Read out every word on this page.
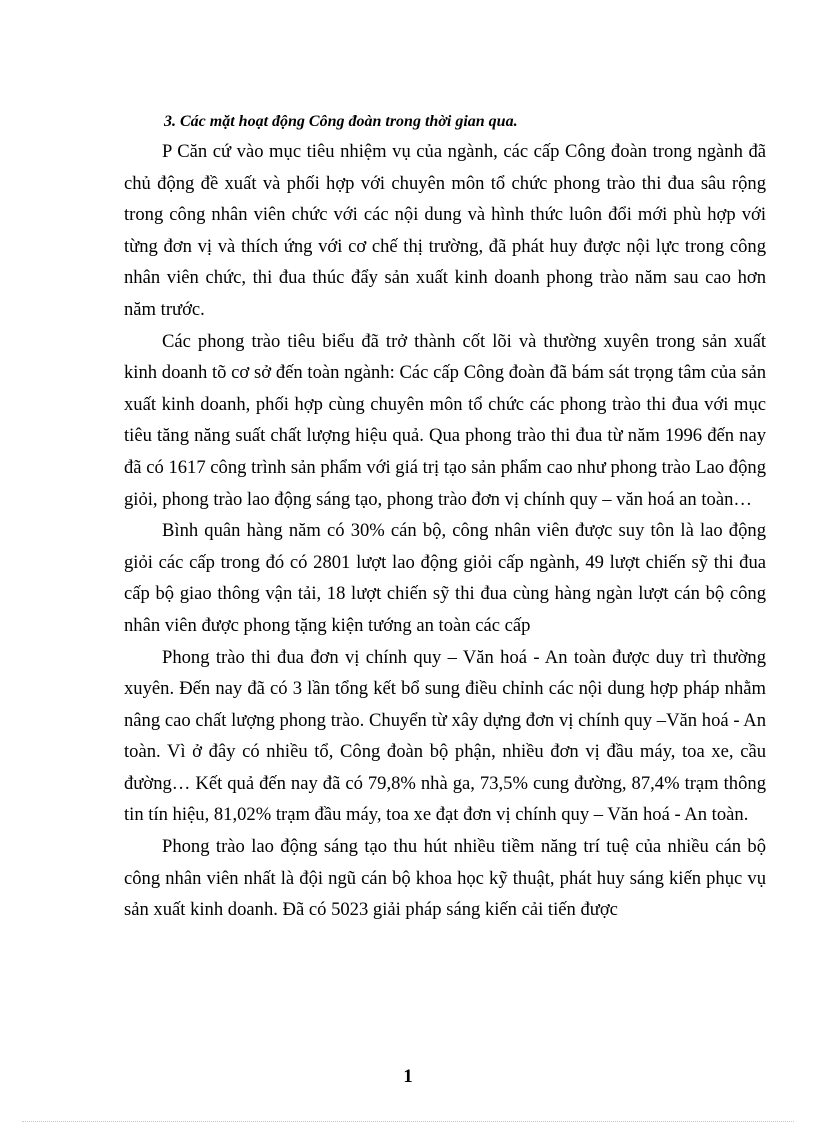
3. Các mặt hoạt động Công đoàn trong thời gian qua.

P Căn cứ vào mục tiêu nhiệm vụ của ngành, các cấp Công đoàn trong ngành đã chủ động đề xuất và phối hợp với chuyên môn tổ chức phong trào thi đua sâu rộng trong công nhân viên chức với các nội dung và hình thức luôn đổi mới phù hợp với từng đơn vị và thích ứng với cơ chế thị trường, đã phát huy được nội lực trong công nhân viên chức, thi đua thúc đẩy sản xuất kinh doanh phong trào năm sau cao hơn năm trước.

Các phong trào tiêu biểu đã trở thành cốt lõi và thường xuyên trong sản xuất kinh doanh tõ cơ sở đến toàn ngành: Các cấp Công đoàn đã bám sát trọng tâm của sản xuất kinh doanh, phối hợp cùng chuyên môn tổ chức các phong trào thi đua với mục tiêu tăng năng suất chất lượng hiệu quả. Qua phong trào thi đua từ năm 1996 đến nay đã có 1617 công trình sản phẩm với giá trị tạo sản phẩm cao như phong trào Lao động giỏi, phong trào lao động sáng tạo, phong trào đơn vị chính quy – văn hoá an toàn…

Bình quân hàng năm có 30% cán bộ, công nhân viên được suy tôn là lao động giỏi các cấp trong đó có 2801 lượt lao động giỏi cấp ngành, 49 lượt chiến sỹ thi đua cấp bộ giao thông vận tải, 18 lượt chiến sỹ thi đua cùng hàng ngàn lượt cán bộ công nhân viên được phong tặng kiện tướng an toàn các cấp

Phong trào thi đua đơn vị chính quy – Văn hoá - An toàn được duy trì thường xuyên. Đến nay đã có 3 lần tổng kết bổ sung điều chỉnh các nội dung hợp pháp nhằm nâng cao chất lượng phong trào. Chuyển từ xây dựng đơn vị chính quy –Văn hoá - An toàn. Vì ở đây có nhiều tổ, Công đoàn bộ phận, nhiều đơn vị đầu máy, toa xe, cầu đường… Kết quả đến nay đã có 79,8% nhà ga, 73,5% cung đường, 87,4% trạm thông tin tín hiệu, 81,02% trạm đầu máy, toa xe đạt đơn vị chính quy – Văn hoá - An toàn.

Phong trào lao động sáng tạo thu hút nhiều tiềm năng trí tuệ của nhiều cán bộ công nhân viên nhất là đội ngũ cán bộ khoa học kỹ thuật, phát huy sáng kiến phục vụ sản xuất kinh doanh. Đã có 5023 giải pháp sáng kiến cải tiến được

1
